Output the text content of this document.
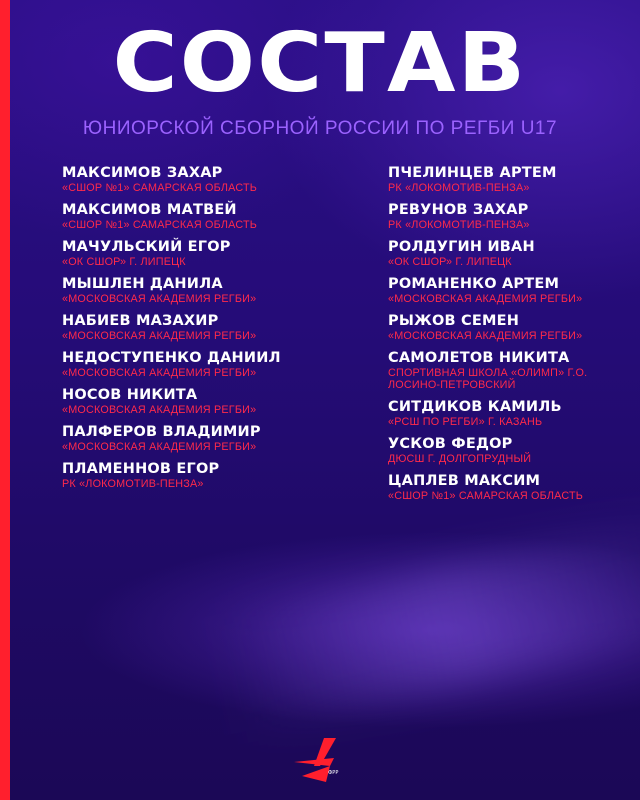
СОСТАВ
ЮНИОРСКОЙ СБОРНОЙ РОССИИ ПО РЕГБИ U17
МАКСИМОВ ЗАХАР
«СШОР №1» САМАРСКАЯ ОБЛАСТЬ
МАКСИМОВ МАТВЕЙ
«СШОР №1» САМАРСКАЯ ОБЛАСТЬ
МАЧУЛЬСКИЙ ЕГОР
«ОК СШОР» Г. ЛИПЕЦК
МЫШЛЕН ДАНИЛА
«МОСКОВСКАЯ АКАДЕМИЯ РЕГБИ»
НАБИЕВ МАЗАХИР
«МОСКОВСКАЯ АКАДЕМИЯ РЕГБИ»
НЕДОСТУПЕНКО ДАНИИЛ
«МОСКОВСКАЯ АКАДЕМИЯ РЕГБИ»
НОСОВ НИКИТА
«МОСКОВСКАЯ АКАДЕМИЯ РЕГБИ»
ПАЛФЕРОВ ВЛАДИМИР
«МОСКОВСКАЯ АКАДЕМИЯ РЕГБИ»
ПЛАМЕННОВ ЕГОР
РК «ЛОКОМОТИВ-ПЕНЗА»
ПЧЕЛИНЦЕВ АРТЕМ
РК «ЛОКОМОТИВ-ПЕНЗА»
РЕВУНОВ ЗАХАР
РК «ЛОКОМОТИВ-ПЕНЗА»
РОЛДУГИН ИВАН
«ОК СШОР» Г. ЛИПЕЦК
РОМАНЕНКО АРТЕМ
«МОСКОВСКАЯ АКАДЕМИЯ РЕГБИ»
РЫЖОВ СЕМЕН
«МОСКОВСКАЯ АКАДЕМИЯ РЕГБИ»
САМОЛЕТОВ НИКИТА
СПОРТИВНАЯ ШКОЛА «ОЛИМП» Г.О. ЛОСИНО-ПЕТРОВСКИЙ
СИТДИКОВ КАМИЛЬ
«РСШ ПО РЕГБИ» Г. КАЗАНЬ
УСКОВ ФЕДОР
ДЮСШ Г. ДОЛГОПРУДНЫЙ
ЦАПЛЕВ МАКСИМ
«СШОР №1» САМАРСКАЯ ОБЛАСТЬ
ФРР
